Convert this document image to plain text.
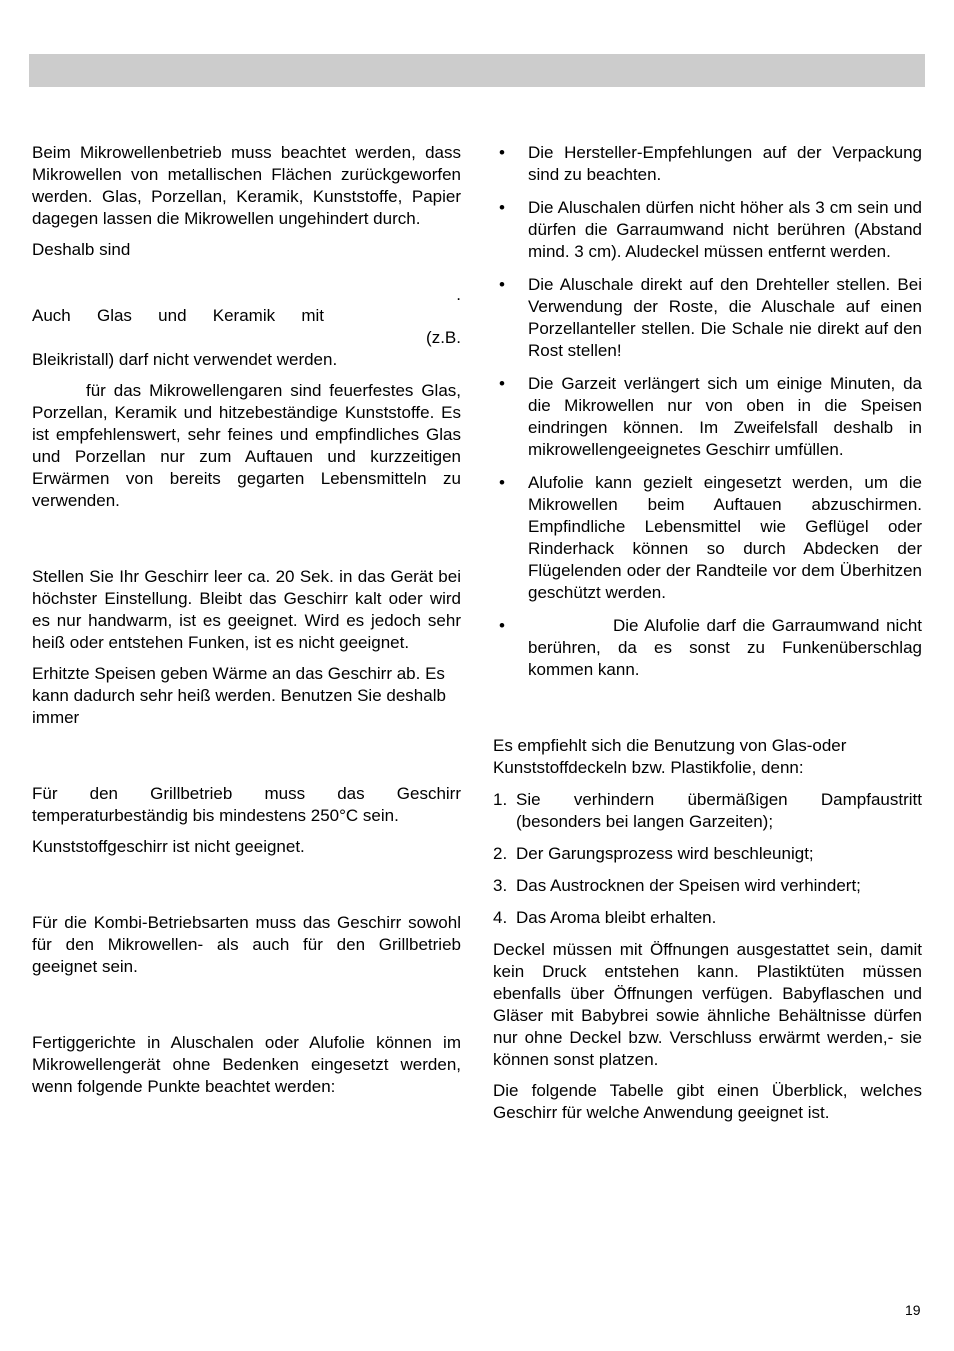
Beim Mikrowellenbetrieb muss beachtet werden, dass Mikrowellen von metallischen Flächen zurückgeworfen werden. Glas, Porzellan, Keramik, Kunststoffe, Papier dagegen lassen die Mikrowellen ungehindert durch.

Deshalb sind

.

Auch Glas und Keramik mit

(z.B.

Bleikristall) darf nicht verwendet werden.

für das Mikrowellengaren sind feuerfestes Glas, Porzellan, Keramik und hitzebeständige Kunststoffe. Es ist empfehlenswert, sehr feines und empfindliches Glas und Porzellan nur zum Auftauen und kurzzeitigen Erwärmen von bereits gegarten Lebensmitteln zu verwenden.

Stellen Sie Ihr Geschirr leer ca. 20 Sek. in das Gerät bei höchster Einstellung. Bleibt das Geschirr kalt oder wird es nur handwarm, ist es geeignet. Wird es jedoch sehr heiß oder entstehen Funken, ist es nicht geeignet.

Erhitzte Speisen geben Wärme an das Geschirr ab. Es kann dadurch sehr heiß werden. Benutzen Sie deshalb immer

Für den Grillbetrieb muss das Geschirr temperaturbeständig bis mindestens 250°C sein.

Kunststoffgeschirr ist nicht geeignet.

Für die Kombi-Betriebsarten muss das Geschirr sowohl für den Mikrowellen- als auch für den Grillbetrieb geeignet sein.

Fertiggerichte in Aluschalen oder Alufolie können im Mikrowellengerät ohne Bedenken eingesetzt werden, wenn folgende Punkte beachtet werden:

• Die Hersteller-Empfehlungen auf der Verpackung sind zu beachten.
• Die Aluschalen dürfen nicht höher als 3 cm sein und dürfen die Garraumwand nicht berühren (Abstand mind. 3 cm). Aludeckel müssen entfernt werden.
• Die Aluschale direkt auf den Drehteller stellen. Bei Verwendung der Roste, die Aluschale auf einen Porzellanteller stellen. Die Schale nie direkt auf den Rost stellen!
• Die Garzeit verlängert sich um einige Minuten, da die Mikrowellen nur von oben in die Speisen eindringen können. Im Zweifelsfall deshalb in mikrowellengeeignetes Geschirr umfüllen.
• Alufolie kann gezielt eingesetzt werden, um die Mikrowellen beim Auftauen abzuschirmen. Empfindliche Lebensmittel wie Geflügel oder Rinderhack können so durch Abdecken der Flügelenden oder der Randteile vor dem Überhitzen geschützt werden.
•	Die Alufolie darf die Garraumwand nicht berühren, da es sonst zu Funkenüberschlag kommen kann.

Es empfiehlt sich die Benutzung von Glas-oder Kunststoffdeckeln bzw. Plastikfolie, denn:

1. Sie verhindern übermäßigen Dampfaustritt (besonders bei langen Garzeiten);
2. Der Garungsprozess wird beschleunigt;
3. Das Austrocknen der Speisen wird verhindert;
4. Das Aroma bleibt erhalten.

Deckel müssen mit Öffnungen ausgestattet sein, damit kein Druck entstehen kann. Plastiktüten müssen ebenfalls über Öffnungen verfügen. Babyflaschen und Gläser mit Babybrei sowie ähnliche Behältnisse dürfen nur ohne Deckel bzw. Verschluss erwärmt werden,- sie können sonst platzen.

Die folgende Tabelle gibt einen Überblick, welches Geschirr für welche Anwendung geeignet ist.

19
